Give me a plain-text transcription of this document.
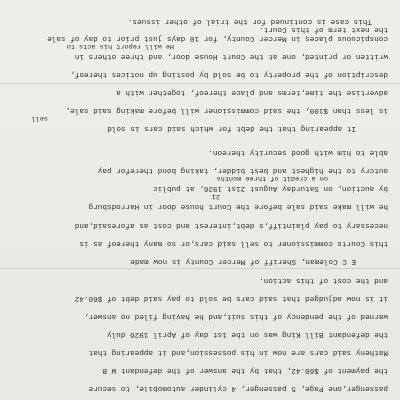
passenger,one Page, 5 passenger, 4 cylinder automobile, to secure
the payment of $60.42, that by the answer of the defendant W B
Matheny said cars are now in his possession,and it appearing that
the defendant Bill King was on the 1st day of April 1926 duly
warned of the pendency of this suit,and he having filed no answer,
it is now adjudged that said cars be sold to pay said debt of $60.42
and the cost of this action.
E C Coleman, Sheriff of Mercer County is now made
this Courts commissioner to sell said cars,or so many thereof as is
necessary to pay plaintiff,s debt,interest and cost as aforesaid,and
he will make said sale before the Court house door in Harrodsburg
21
by auction, on Saturday August 21st 1926, at public
on a credit of three months
outcry to the highest and best bidder, taking bond therefor pay
able to him with good security thereon.
It appearing that the debt for which said cars is sold
sell
is less than $100, the said commissioner will before making said sale,
advertise the time,terms and place thereof, together with a
description of the property to be sold by posting up notices thereof,
written or printed, one at the Court House door, and three others in
He will report his acts to
conspicuous places in Mercer County, for 10 days just prior to day of sale
the next term of this Court.
This case is continued for the trial of other issues.
